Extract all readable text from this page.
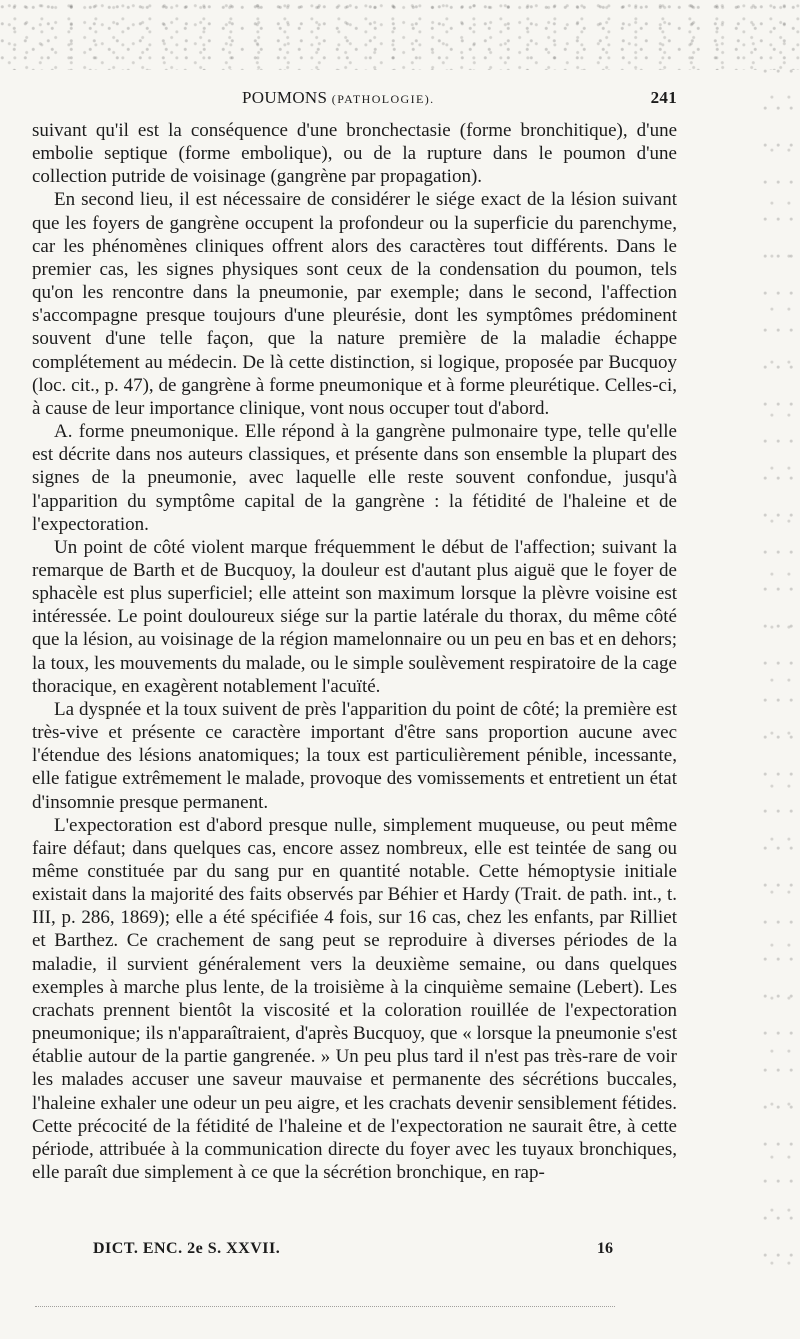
POUMONS (PATHOLOGIE).	241

suivant qu'il est la conséquence d'une bronchectasie (forme bronchitique), d'une embolie septique (forme embolique), ou de la rupture dans le poumon d'une collection putride de voisinage (gangrène par propagation).

En second lieu, il est nécessaire de considérer le siége exact de la lésion suivant que les foyers de gangrène occupent la profondeur ou la superficie du parenchyme, car les phénomènes cliniques offrent alors des caractères tout différents. Dans le premier cas, les signes physiques sont ceux de la condensation du poumon, tels qu'on les rencontre dans la pneumonie, par exemple; dans le second, l'affection s'accompagne presque toujours d'une pleurésie, dont les symptômes prédominent souvent d'une telle façon, que la nature première de la maladie échappe complétement au médecin. De là cette distinction, si logique, proposée par Bucquoy (loc. cit., p. 47), de gangrène à forme pneumonique et à forme pleurétique. Celles-ci, à cause de leur importance clinique, vont nous occuper tout d'abord.

A. forme pneumonique. Elle répond à la gangrène pulmonaire type, telle qu'elle est décrite dans nos auteurs classiques, et présente dans son ensemble la plupart des signes de la pneumonie, avec laquelle elle reste souvent confondue, jusqu'à l'apparition du symptôme capital de la gangrène : la fétidité de l'haleine et de l'expectoration.

Un point de côté violent marque fréquemment le début de l'affection; suivant la remarque de Barth et de Bucquoy, la douleur est d'autant plus aiguë que le foyer de sphacèle est plus superficiel; elle atteint son maximum lorsque la plèvre voisine est intéressée. Le point douloureux siége sur la partie latérale du thorax, du même côté que la lésion, au voisinage de la région mamelonnaire ou un peu en bas et en dehors; la toux, les mouvements du malade, ou le simple soulèvement respiratoire de la cage thoracique, en exagèrent notablement l'acuïté.

La dyspnée et la toux suivent de près l'apparition du point de côté; la première est très-vive et présente ce caractère important d'être sans proportion aucune avec l'étendue des lésions anatomiques; la toux est particulièrement pénible, incessante, elle fatigue extrêmement le malade, provoque des vomissements et entretient un état d'insomnie presque permanent.

L'expectoration est d'abord presque nulle, simplement muqueuse, ou peut même faire défaut; dans quelques cas, encore assez nombreux, elle est teintée de sang ou même constituée par du sang pur en quantité notable. Cette hémoptysie initiale existait dans la majorité des faits observés par Béhier et Hardy (Trait. de path. int., t. III, p. 286, 1869); elle a été spécifiée 4 fois, sur 16 cas, chez les enfants, par Rilliet et Barthez. Ce crachement de sang peut se reproduire à diverses périodes de la maladie, il survient généralement vers la deuxième semaine, ou dans quelques exemples à marche plus lente, de la troisième à la cinquième semaine (Lebert). Les crachats prennent bientôt la viscosité et la coloration rouillée de l'expectoration pneumonique; ils n'apparaîtraient, d'après Bucquoy, que « lorsque la pneumonie s'est établie autour de la partie gangrenée. » Un peu plus tard il n'est pas très-rare de voir les malades accuser une saveur mauvaise et permanente des sécrétions buccales, l'haleine exhaler une odeur un peu aigre, et les crachats devenir sensiblement fétides. Cette précocité de la fétidité de l'haleine et de l'expectoration ne saurait être, à cette période, attribuée à la communication directe du foyer avec les tuyaux bronchiques, elle paraît due simplement à ce que la sécrétion bronchique, en rap-

DICT. ENC. 2e S. XXVII.	16
